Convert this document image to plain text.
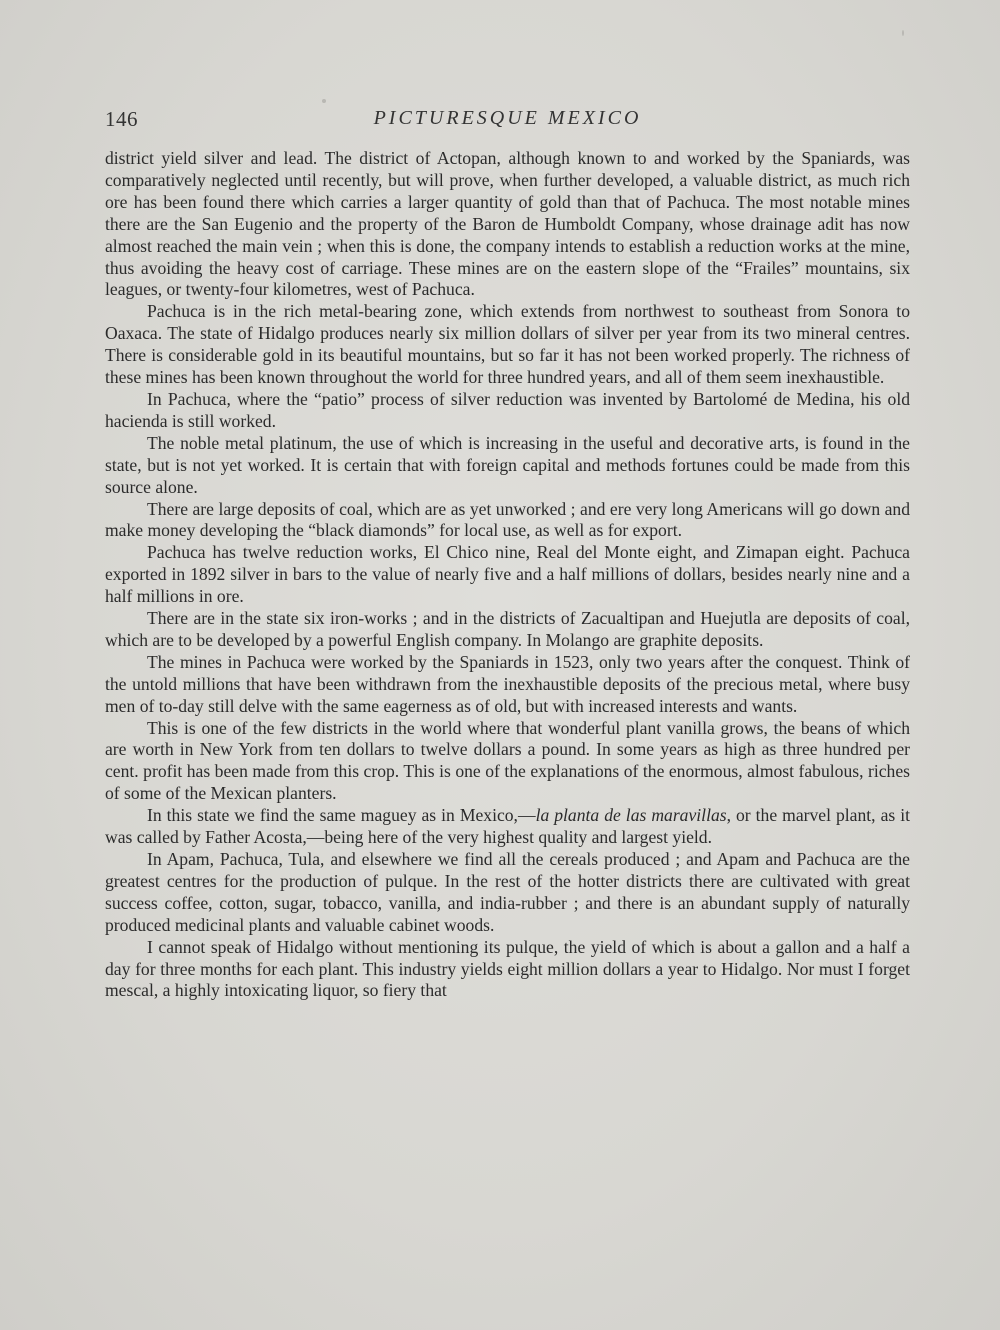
146	PICTURESQUE MEXICO

district yield silver and lead. The district of Actopan, although known to and worked by the Spaniards, was comparatively neglected until recently, but will prove, when further developed, a valuable district, as much rich ore has been found there which carries a larger quantity of gold than that of Pachuca. The most notable mines there are the San Eugenio and the property of the Baron de Humboldt Company, whose drainage adit has now almost reached the main vein ; when this is done, the company intends to establish a reduction works at the mine, thus avoiding the heavy cost of carriage. These mines are on the eastern slope of the “Frailes” mountains, six leagues, or twenty-four kilometres, west of Pachuca.

Pachuca is in the rich metal-bearing zone, which extends from northwest to southeast from Sonora to Oaxaca. The state of Hidalgo produces nearly six million dollars of silver per year from its two mineral centres. There is considerable gold in its beautiful mountains, but so far it has not been worked properly. The richness of these mines has been known throughout the world for three hundred years, and all of them seem inexhaustible.

In Pachuca, where the “patio” process of silver reduction was invented by Bartolomé de Medina, his old hacienda is still worked.

The noble metal platinum, the use of which is increasing in the useful and decorative arts, is found in the state, but is not yet worked. It is certain that with foreign capital and methods fortunes could be made from this source alone.

There are large deposits of coal, which are as yet unworked ; and ere very long Americans will go down and make money developing the “black diamonds” for local use, as well as for export.

Pachuca has twelve reduction works, El Chico nine, Real del Monte eight, and Zimapan eight. Pachuca exported in 1892 silver in bars to the value of nearly five and a half millions of dollars, besides nearly nine and a half millions in ore.

There are in the state six iron-works ; and in the districts of Zacualtipan and Huejutla are deposits of coal, which are to be developed by a powerful English company. In Molango are graphite deposits.

The mines in Pachuca were worked by the Spaniards in 1523, only two years after the conquest. Think of the untold millions that have been withdrawn from the inexhaustible deposits of the precious metal, where busy men of to-day still delve with the same eagerness as of old, but with increased interests and wants.

This is one of the few districts in the world where that wonderful plant vanilla grows, the beans of which are worth in New York from ten dollars to twelve dollars a pound. In some years as high as three hundred per cent. profit has been made from this crop. This is one of the explanations of the enormous, almost fabulous, riches of some of the Mexican planters.

In this state we find the same maguey as in Mexico,—la planta de las maravillas, or the marvel plant, as it was called by Father Acosta,—being here of the very highest quality and largest yield.

In Apam, Pachuca, Tula, and elsewhere we find all the cereals produced ; and Apam and Pachuca are the greatest centres for the production of pulque. In the rest of the hotter districts there are cultivated with great success coffee, cotton, sugar, tobacco, vanilla, and india-rubber ; and there is an abundant supply of naturally produced medicinal plants and valuable cabinet woods.

I cannot speak of Hidalgo without mentioning its pulque, the yield of which is about a gallon and a half a day for three months for each plant. This industry yields eight million dollars a year to Hidalgo. Nor must I forget mescal, a highly intoxicating liquor, so fiery that
